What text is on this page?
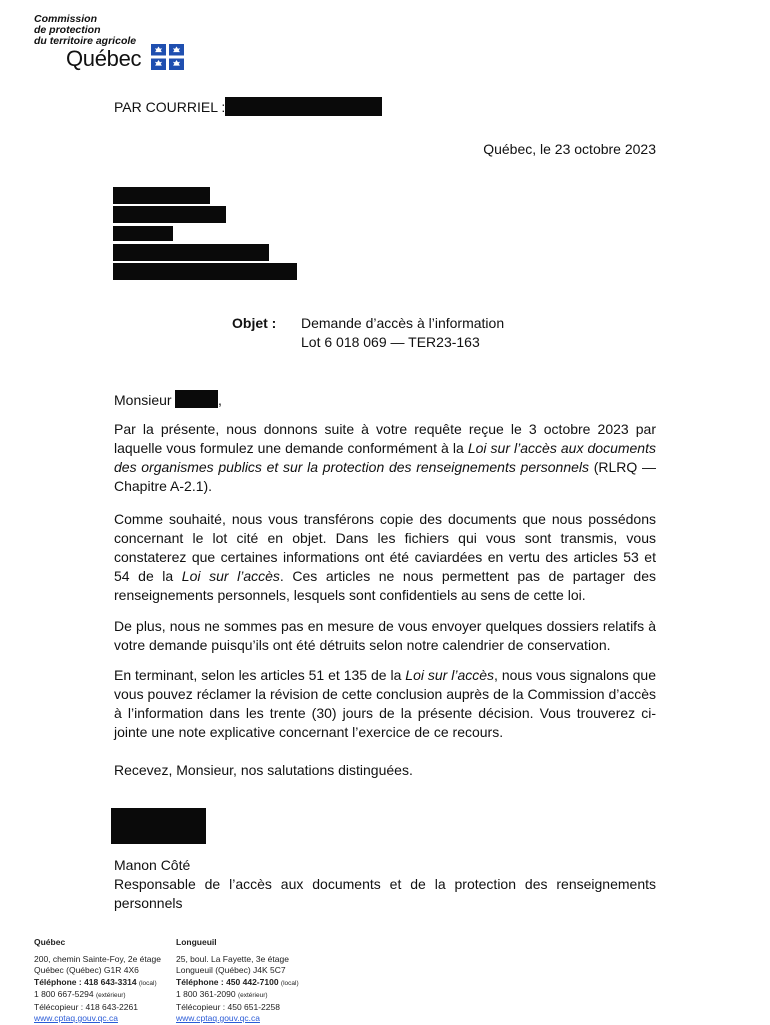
Commission
de protection
du territoire agricole
Québec
PAR COURRIEL :
Québec, le 23 octobre 2023
Objet : Demande d’accès à l’information
Lot 6 018 069 — TER23-163
Monsieur	,

Par la présente, nous donnons suite à votre requête reçue le 3 octobre 2023 par laquelle vous formulez une demande conformément à la Loi sur l’accès aux documents des organismes publics et sur la protection des renseignements personnels (RLRQ — Chapitre A-2.1).

Comme souhaité, nous vous transférons copie des documents que nous possédons concernant le lot cité en objet. Dans les fichiers qui vous sont transmis, vous constaterez que certaines informations ont été caviardées en vertu des articles 53 et 54 de la Loi sur l’accès. Ces articles ne nous permettent pas de partager des renseignements personnels, lesquels sont confidentiels au sens de cette loi.

De plus, nous ne sommes pas en mesure de vous envoyer quelques dossiers relatifs à votre demande puisqu’ils ont été détruits selon notre calendrier de conservation.

En terminant, selon les articles 51 et 135 de la Loi sur l’accès, nous vous signalons que vous pouvez réclamer la révision de cette conclusion auprès de la Commission d’accès à l’information dans les trente (30) jours de la présente décision. Vous trouverez ci-jointe une note explicative concernant l’exercice de ce recours.

Recevez, Monsieur, nos salutations distinguées.
Manon Côté

Responsable de l’accès aux documents et de la protection des renseignements personnels

Québec
200, chemin Sainte-Foy, 2e étage
Québec (Québec) G1R 4X6
Téléphone : 418 643-3314 (local)
1 800 667-5294 (extérieur)
Télécopieur : 418 643-2261
www.cptaq.gouv.qc.ca
Longueuil
25, boul. La Fayette, 3e étage
Longueuil (Québec) J4K 5C7
Téléphone : 450 442-7100 (local)
1 800 361-2090 (extérieur)
Télécopieur : 450 651-2258
www.cptaq.gouv.qc.ca
